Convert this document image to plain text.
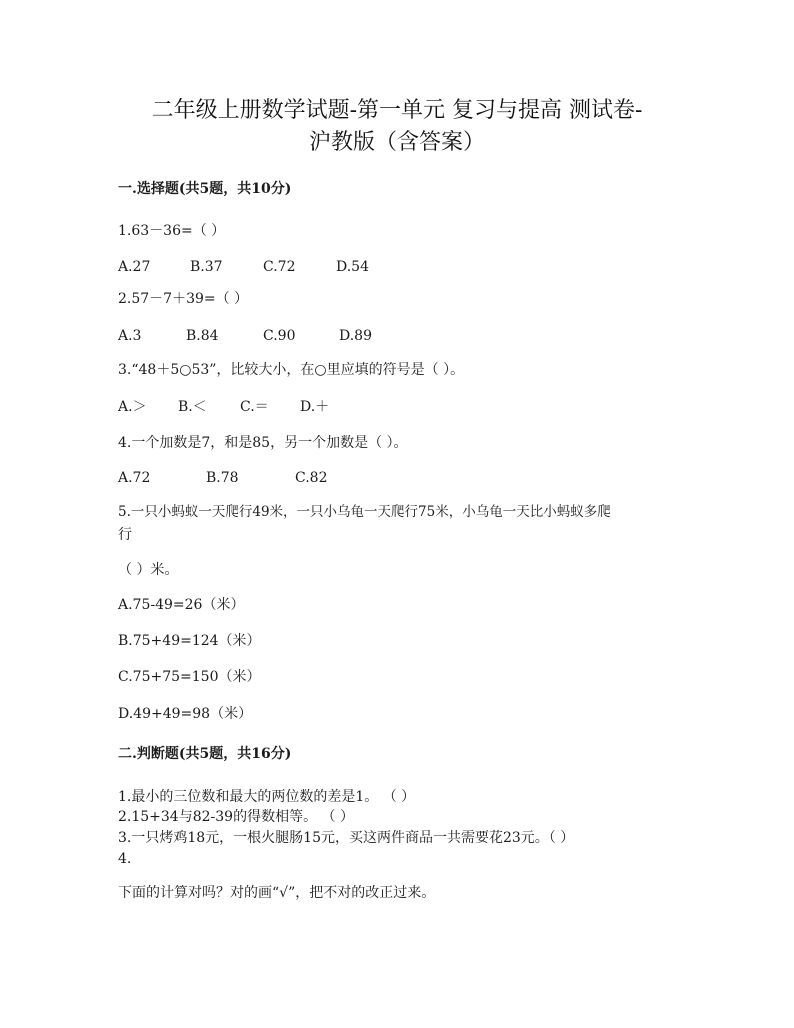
二年级上册数学试题-第一单元 复习与提高 测试卷-
沪教版（含答案）
一.选择题(共5题，共10分)
1.63－36=（ ）
A.27	B.37	C.72	D.54
2.57－7＋39=（ ）
A.3	B.84	C.90	D.89
3.“48＋5○53”，比较大小，在○里应填的符号是（ ）。
A.＞ B.＜ C.＝ D.＋
4.一个加数是7，和是85，另一个加数是（ ）。
A.72	B.78	C.82
5.一只小蚂蚁一天爬行49米，一只小乌龟一天爬行75米，小乌龟一天比小蚂蚁多爬
行
（ ）米。
A.75-49=26（米）
B.75+49=124（米）
C.75+75=150（米）
D.49+49=98（米）
二.判断题(共5题，共16分)
1.最小的三位数和最大的两位数的差是1。 （ ）
2.15+34与82-39的得数相等。 （ ）
3.一只烤鸡18元，一根火腿肠15元，买这两件商品一共需要花23元。（ ）
4.
下面的计算对吗？对的画“√”，把不对的改正过来。
